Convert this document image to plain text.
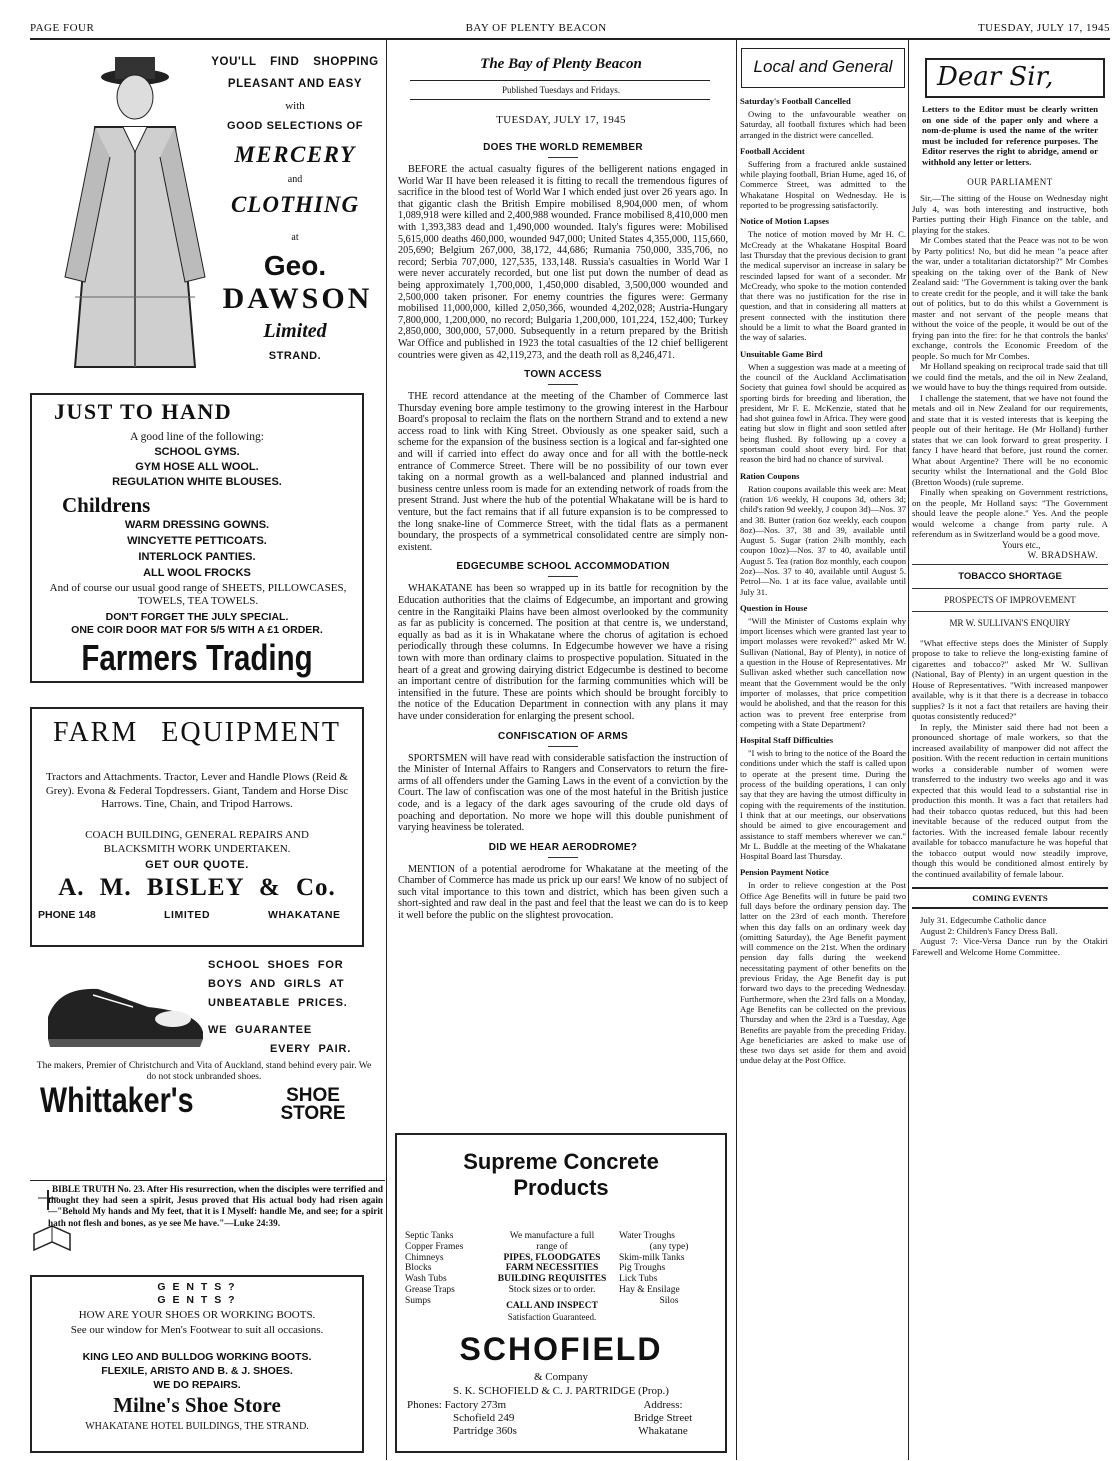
PAGE FOUR	BAY OF PLENTY BEACON	TUESDAY, JULY 17, 1945
YOU'LL FIND SHOPPING
PLEASANT AND EASY
with
GOOD SELECTIONS OF
MERCERY
and
CLOTHING
at
Geo.
DAWSON
Limited
STRAND.
JUST TO HAND
A good line of the following:
SCHOOL GYMS.
GYM HOSE ALL WOOL.
REGULATION WHITE BLOUSES.
Childrens
WARM DRESSING GOWNS.
WINCYETTE PETTICOATS.
INTERLOCK PANTIES.
ALL WOOL FROCKS
And of course our usual good range of SHEETS, PILLOWCASES, TOWELS, TEA TOWELS.
DON'T FORGET THE JULY SPECIAL.
ONE COIR DOOR MAT FOR 5/5 WITH A £1 ORDER.
Farmers Trading
FARM EQUIPMENT
Tractors and Attachments. Tractor, Lever and Handle Plows (Reid & Grey). Evona & Federal Topdressers. Giant, Tandem and Horse Disc Harrows. Tine, Chain, and Tripod Harrows.
COACH BUILDING, GENERAL REPAIRS AND BLACKSMITH WORK UNDERTAKEN.
GET OUR QUOTE.
A. M. BISLEY & Co.
PHONE 148	LIMITED	WHAKATANE
SCHOOL SHOES FOR
BOYS AND GIRLS AT
UNBEATABLE PRICES.
WE GUARANTEE
EVERY PAIR.
The makers, Premier of Christchurch and Vita of Auckland, stand behind every pair. We do not stock unbranded shoes.
Whittaker's	SHOE
STORE

BIBLE TRUTH No. 23. After His resurrection, when the disciples were terrified and thought they had seen a spirit, Jesus proved that His actual body had risen again—"Behold My hands and My feet, that it is I Myself: handle Me, and see; for a spirit hath not flesh and bones, as ye see Me have."—Luke 24:39.

G E N T S ?
G E N T S ?
HOW ARE YOUR SHOES OR WORKING BOOTS.
See our window for Men's Footwear to suit all occasions.
KING LEO AND BULLDOG WORKING BOOTS.
FLEXILE, ARISTO AND B. & J. SHOES.
WE DO REPAIRS.
Milne's Shoe Store
WHAKATANE HOTEL BUILDINGS, THE STRAND.
The Bay of Plenty Beacon
Published Tuesdays and Fridays.
TUESDAY, JULY 17, 1945
DOES THE WORLD REMEMBER

BEFORE the actual casualty figures of the belligerent nations engaged in World War II have been released it is fitting to recall the tremendous figures of sacrifice in the blood test of World War I which ended just over 26 years ago. In that gigantic clash the British Empire mobilised 8,904,000 men, of whom 1,089,918 were killed and 2,400,988 wounded. France mobilised 8,410,000 men with 1,393,383 dead and 1,490,000 wounded. Italy's figures were: Mobilised 5,615,000 deaths 460,000, wounded 947,000; United States 4,355,000, 115,660, 205,690; Belgium 267,000, 38,172, 44,686; Rumania 750,000, 335,706, no record; Serbia 707,000, 127,535, 133,148. Russia's casualties in World War I were never accurately recorded, but one list put down the number of dead as being approximately 1,700,000, 1,450,000 disabled, 3,500,000 wounded and 2,500,000 taken prisoner. For enemy countries the figures were: Germany mobilised 11,000,000, killed 2,050,366, wounded 4,202,028; Austria-Hungary 7,800,000, 1,200,000, no record; Bulgaria 1,200,000, 101,224, 152,400; Turkey 2,850,000, 300,000, 57,000. Subsequently in a return prepared by the British War Office and published in 1923 the total casualties of the 12 chief belligerent countries were given as 42,119,273, and the death roll as 8,246,471.

TOWN ACCESS

THE record attendance at the meeting of the Chamber of Commerce last Thursday evening bore ample testimony to the growing interest in the Harbour Board's proposal to reclaim the flats on the northern Strand and to extend a new access road to link with King Street. Obviously as one speaker said, such a scheme for the expansion of the business section is a logical and far-sighted one and will if carried into effect do away once and for all with the bottle-neck entrance of Commerce Street. There will be no possibility of our town ever taking on a normal growth as a well-balanced and planned industrial and business centre unless room is made for an extending network of roads from the present Strand. Just where the hub of the potential Whakatane will be is hard to venture, but the fact remains that if all future expansion is to be compressed to the long snake-line of Commerce Street, with the tidal flats as a permanent boundary, the prospects of a symmetrical consolidated centre are simply non-existent.

EDGECUMBE SCHOOL ACCOMMODATION

WHAKATANE has been so wrapped up in its battle for recognition by the Education authorities that the claims of Edgecumbe, an important and growing centre in the Rangitaiki Plains have been almost overlooked by the community as far as publicity is concerned. The position at that centre is, we understand, equally as bad as it is in Whakatane where the chorus of agitation is echoed periodically through these columns. In Edgecumbe however we have a rising town with more than ordinary claims to prospective population. Situated in the heart of a great and growing dairying district Edgecumbe is destined to become an important centre of distribution for the farming communities which will be intensified in the future. These are points which should be brought forcibly to the notice of the Education Department in connection with any plans it may have under consideration for enlarging the present school.

CONFISCATION OF ARMS

SPORTSMEN will have read with considerable satisfaction the instruction of the Minister of Internal Affairs to Rangers and Conservators to return the fire-arms of all offenders under the Gaming Laws in the event of a conviction by the Court. The law of confiscation was one of the most hateful in the British justice code, and is a legacy of the dark ages savouring of the crude old days of poaching and deportation. No more we hope will this double punishment of varying heaviness be tolerated.

DID WE HEAR AERODROME?

MENTION of a potential aerodrome for Whakatane at the meeting of the Chamber of Commerce has made us prick up our ears! We know of no subject of such vital importance to this town and district, which has been given such a short-sighted and raw deal in the past and feel that the least we can do is to keep it well before the public on the slightest provocation.

Supreme Concrete
Products
Septic Tanks
Copper Frames
Chimneys
Blocks
Wash Tubs
Grease Traps
Sumps
We manufacture a full
range of
PIPES, FLOODGATES
FARM NECESSITIES
BUILDING REQUISITES
Stock sizes or to order.
CALL AND INSPECT
Satisfaction Guaranteed.
Water Troughs
(any type)
Skim-milk Tanks
Pig Troughs
Lick Tubs
Hay & Ensilage
Silos
SCHOFIELD
& Company
S. K. SCHOFIELD & C. J. PARTRIDGE (Prop.)
Phones: Factory 273m
Schofield 249
Partridge 360s
Address:
Bridge Street
Whakatane
Local and General
Saturday's Football Cancelled

Owing to the unfavourable weather on Saturday, all football fixtures which had been arranged in the district were cancelled.

Football Accident

Suffering from a fractured ankle sustained while playing football, Brian Hume, aged 16, of Commerce Street, was admitted to the Whakatane Hospital on Wednesday. He is reported to be progressing satisfactorily.

Notice of Motion Lapses

The notice of motion moved by Mr H. C. McCready at the Whakatane Hospital Board last Thursday that the previous decision to grant the medical supervisor an increase in salary be rescinded lapsed for want of a seconder. Mr McCready, who spoke to the motion contended that there was no justification for the rise in question, and that in considering all matters at present connected with the institution there should be a limit to what the Board granted in the way of salaries.

Unsuitable Game Bird

When a suggestion was made at a meeting of the council of the Auckland Acclimatisation Society that guinea fowl should be acquired as sporting birds for breeding and liberation, the president, Mr F. E. McKenzie, stated that he had shot guinea fowl in Africa. They were good eating but slow in flight and soon settled after being flushed. By following up a covey a sportsman could shoot every bird. For that reason the bird had no chance of survival.

Ration Coupons

Ration coupons available this week are: Meat (ration 1/6 weekly, H coupons 3d, others 3d; child's ration 9d weekly, J coupon 3d)—Nos. 37 and 38. Butter (ration 6oz weekly, each coupon 8oz)—Nos. 37, 38 and 39, available until August 5. Sugar (ration 2¾lb monthly, each coupon 10oz)—Nos. 37 to 40, available until August 5. Tea (ration 8oz monthly, each coupon 2oz)—Nos. 37 to 40, available until August 5. Petrol—No. 1 at its face value, available until July 31.

Question in House

"Will the Minister of Customs explain why import licenses which were granted last year to import molasses were revoked?" asked Mr W. Sullivan (National, Bay of Plenty), in notice of a question in the House of Representatives. Mr Sullivan asked whether such cancellation now meant that the Government would be the only importer of molasses, that price competition would be abolished, and that the reason for this action was to prevent free enterprise from competing with a State Department?

Hospital Staff Difficulties

"I wish to bring to the notice of the Board the conditions under which the staff is called upon to operate at the present time. During the process of the building operations, I can only say that they are having the utmost difficulty in coping with the requirements of the institution. I think that at our meetings, our observations should be aimed to give encouragement and assistance to staff members wherever we can." Mr L. Buddle at the meeting of the Whakatane Hospital Board last Thursday.

Pension Payment Notice

In order to relieve congestion at the Post Office Age Benefits will in future be paid two full days before the ordinary pension day. The latter on the 23rd of each month. Therefore when this day falls on an ordinary week day (omitting Saturday), the Age Benefit payment will commence on the 21st. When the ordinary pension day falls during the weekend necessitating payment of other benefits on the previous Friday, the Age Benefit day is put forward two days to the preceding Wednesday. Furthermore, when the 23rd falls on a Monday, Age Benefits can be collected on the previous Thursday and when the 23rd is a Tuesday, Age Benefits are payable from the preceding Friday. Age beneficiaries are asked to make use of these two days set aside for them and avoid undue delay at the Post Office.

Dear Sir,

Letters to the Editor must be clearly written on one side of the paper only and where a nom-de-plume is used the name of the writer must be included for reference purposes. The Editor reserves the right to abridge, amend or withhold any letter or letters.

OUR PARLIAMENT

Sir,—The sitting of the House on Wednesday night July 4, was both interesting and instructive, both Parties putting their High Finance on the table, and playing for the stakes.

Mr Combes stated that the Peace was not to be won by Party politics! No, but did he mean "a peace after the war, under a totalitarian dictatorship?" Mr Combes speaking on the taking over of the Bank of New Zealand said: "The Government is taking over the bank to create credit for the people, and it will take the bank out of politics, but to do this whilst a Government is master and not servant of the people means that without the voice of the people, it would be out of the frying pan into the fire: for he that controls the banks' exchange, controls the Economic Freedom of the people. So much for Mr Combes.

Mr Holland speaking on reciprocal trade said that till we could find the metals, and the oil in New Zealand, we would have to buy the things required from outside.

I challenge the statement, that we have not found the metals and oil in New Zealand for our requirements, and state that it is vested interests that is keeping the people out of their heritage. He (Mr Holland) further states that we can look forward to great prosperity. I fancy I have heard that before, just round the corner. What about Argentine? There will be no economic security whilst the International and the Gold Bloc (Bretton Woods) (rule supreme.

Finally when speaking on Government restrictions, on the people, Mr Holland says: "The Government should leave the people alone." Yes. And the people would welcome a change from party rule. A referendum as in Switzerland would be a good move.

Yours etc.,
W. BRADSHAW.
TOBACCO SHORTAGE
PROSPECTS OF IMPROVEMENT
MR W. SULLIVAN'S ENQUIRY

"What effective steps does the Minister of Supply propose to take to relieve the long-existing famine of cigarettes and tobacco?" asked Mr W. Sullivan (National, Bay of Plenty) in an urgent question in the House of Representatives. "With increased manpower available, why is it that there is a decrease in tobacco supplies? Is it not a fact that retailers are having their quotas consistently reduced?"

In reply, the Minister said there had not been a pronounced shortage of male workers, so that the increased availability of manpower did not affect the position. With the recent reduction in certain munitions works a considerable number of women were transferred to the industry two weeks ago and it was expected that this would lead to a substantial rise in production this month. It was a fact that retailers had had their tobacco quotas reduced, but this had been inevitable because of the reduced output from the factories. With the increased female labour recently available for tobacco manufacture he was hopeful that the tobacco output would now steadily improve, though this would be conditioned almost entirely by the continued availability of female labour.

COMING EVENTS

July 31. Edgecumbe Catholic dance

August 2: Children's Fancy Dress Ball.

August 7: Vice-Versa Dance run by the Otakiri Farewell and Welcome Home Committee.
